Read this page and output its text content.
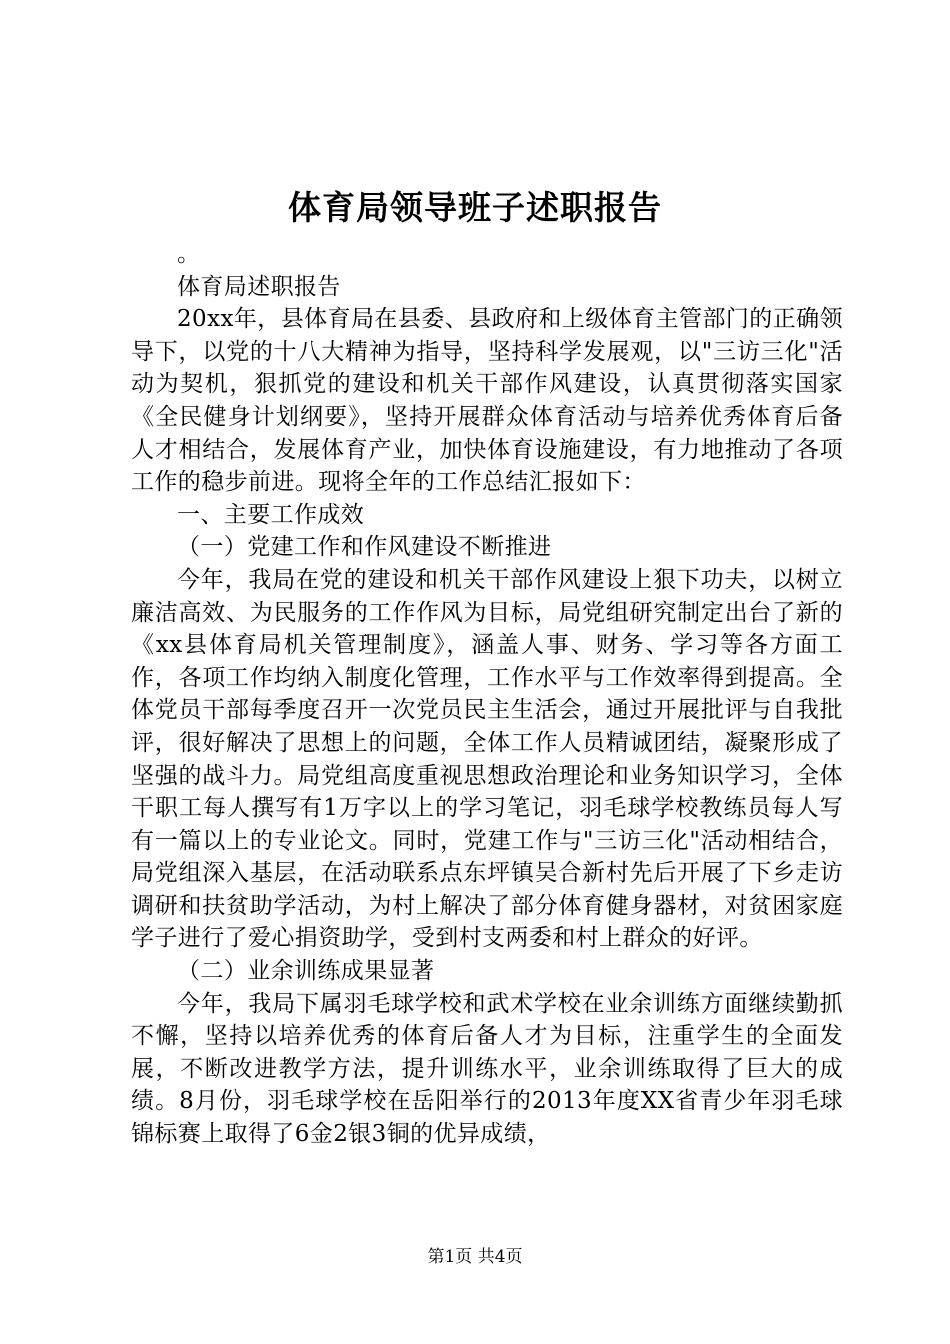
体育局领导班子述职报告

。

体育局述职报告

20xx年，县体育局在县委、县政府和上级体育主管部门的正确领导下，以党的十八大精神为指导，坚持科学发展观，以"三访三化"活动为契机，狠抓党的建设和机关干部作风建设，认真贯彻落实国家《全民健身计划纲要》，坚持开展群众体育活动与培养优秀体育后备人才相结合，发展体育产业，加快体育设施建设，有力地推动了各项工作的稳步前进。现将全年的工作总结汇报如下：

一、主要工作成效

（一）党建工作和作风建设不断推进

今年，我局在党的建设和机关干部作风建设上狠下功夫，以树立廉洁高效、为民服务的工作作风为目标，局党组研究制定出台了新的《xx县体育局机关管理制度》，涵盖人事、财务、学习等各方面工作，各项工作均纳入制度化管理，工作水平与工作效率得到提高。全体党员干部每季度召开一次党员民主生活会，通过开展批评与自我批评，很好解决了思想上的问题，全体工作人员精诚团结，凝聚形成了坚强的战斗力。局党组高度重视思想政治理论和业务知识学习，全体干职工每人撰写有1万字以上的学习笔记，羽毛球学校教练员每人写有一篇以上的专业论文。同时，党建工作与"三访三化"活动相结合，局党组深入基层，在活动联系点东坪镇吴合新村先后开展了下乡走访调研和扶贫助学活动，为村上解决了部分体育健身器材，对贫困家庭学子进行了爱心捐资助学，受到村支两委和村上群众的好评。

（二）业余训练成果显著

今年，我局下属羽毛球学校和武术学校在业余训练方面继续勤抓不懈，坚持以培养优秀的体育后备人才为目标，注重学生的全面发展，不断改进教学方法，提升训练水平，业余训练取得了巨大的成绩。8月份，羽毛球学校在岳阳举行的2013年度XX省青少年羽毛球锦标赛上取得了6金2银3铜的优异成绩，

第1页 共4页
